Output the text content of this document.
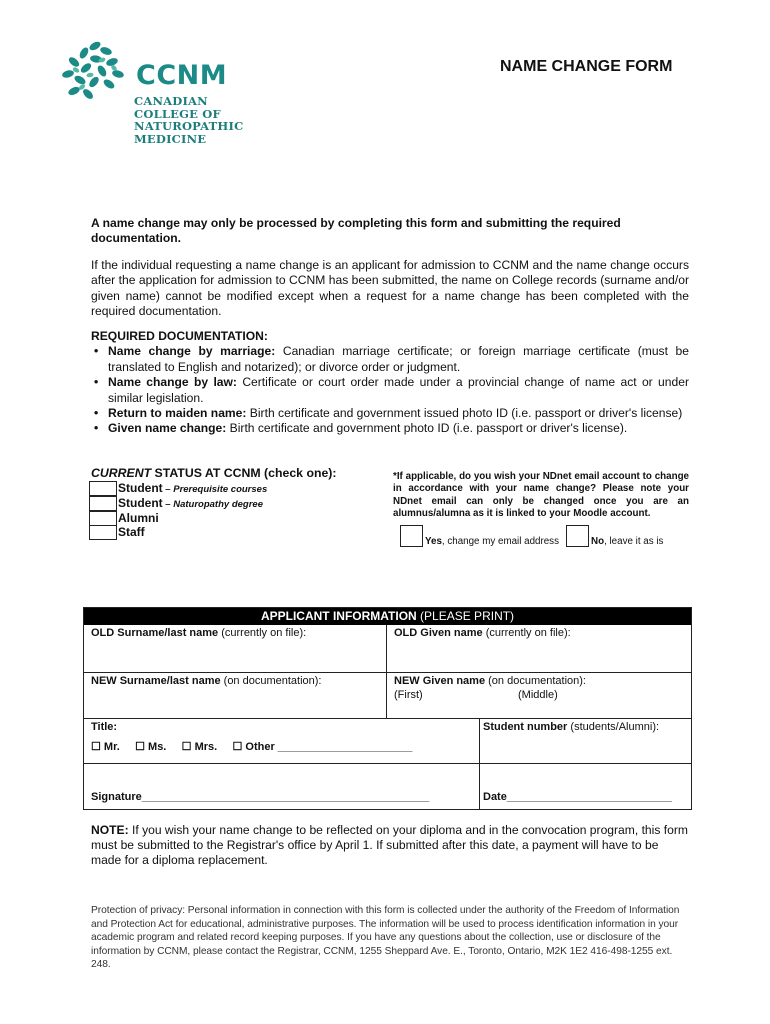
CCNM
CANADIAN
COLLEGE OF
NATUROPATHIC
MEDICINE
NAME CHANGE FORM
A name change may only be processed by completing this form and submitting the required documentation.
If the individual requesting a name change is an applicant for admission to CCNM and the name change occurs after the application for admission to CCNM has been submitted, the name on College records (surname and/or given name) cannot be modified except when a request for a name change has been completed with the required documentation.
REQUIRED DOCUMENTATION:
• Name change by marriage: Canadian marriage certificate; or foreign marriage certificate (must be translated to English and notarized); or divorce order or judgment.
• Name change by law: Certificate or court order made under a provincial change of name act or under similar legislation.
• Return to maiden name: Birth certificate and government issued photo ID (i.e. passport or driver's license)
• Given name change: Birth certificate and government photo ID (i.e. passport or driver's license).
CURRENT STATUS AT CCNM (check one):
Student – Prerequisite courses
Student – Naturopathy degree
Alumni
Staff
*If applicable, do you wish your NDnet email account to change in accordance with your name change? Please note your NDnet email can only be changed once you are an alumnus/alumna as it is linked to your Moodle account.
Yes, change my email address	No, leave it as is
APPLICANT INFORMATION (PLEASE PRINT)
OLD Surname/last name (currently on file):	OLD Given name (currently on file):
NEW Surname/last name (on documentation):	NEW Given name (on documentation):
(First)	(Middle)
Title:
☐ Mr. ☐ Ms. ☐ Mrs. ☐ Other ______________________
Student number (students/Alumni):
Signature_______________________________________________	Date___________________________
NOTE: If you wish your name change to be reflected on your diploma and in the convocation program, this form must be submitted to the Registrar's office by April 1. If submitted after this date, a payment will have to be made for a diploma replacement.
Protection of privacy: Personal information in connection with this form is collected under the authority of the Freedom of Information and Protection Act for educational, administrative purposes. The information will be used to process identification information in your academic program and related record keeping purposes. If you have any questions about the collection, use or disclosure of the information by CCNM, please contact the Registrar, CCNM, 1255 Sheppard Ave. E., Toronto, Ontario, M2K 1E2 416-498-1255 ext. 248.
